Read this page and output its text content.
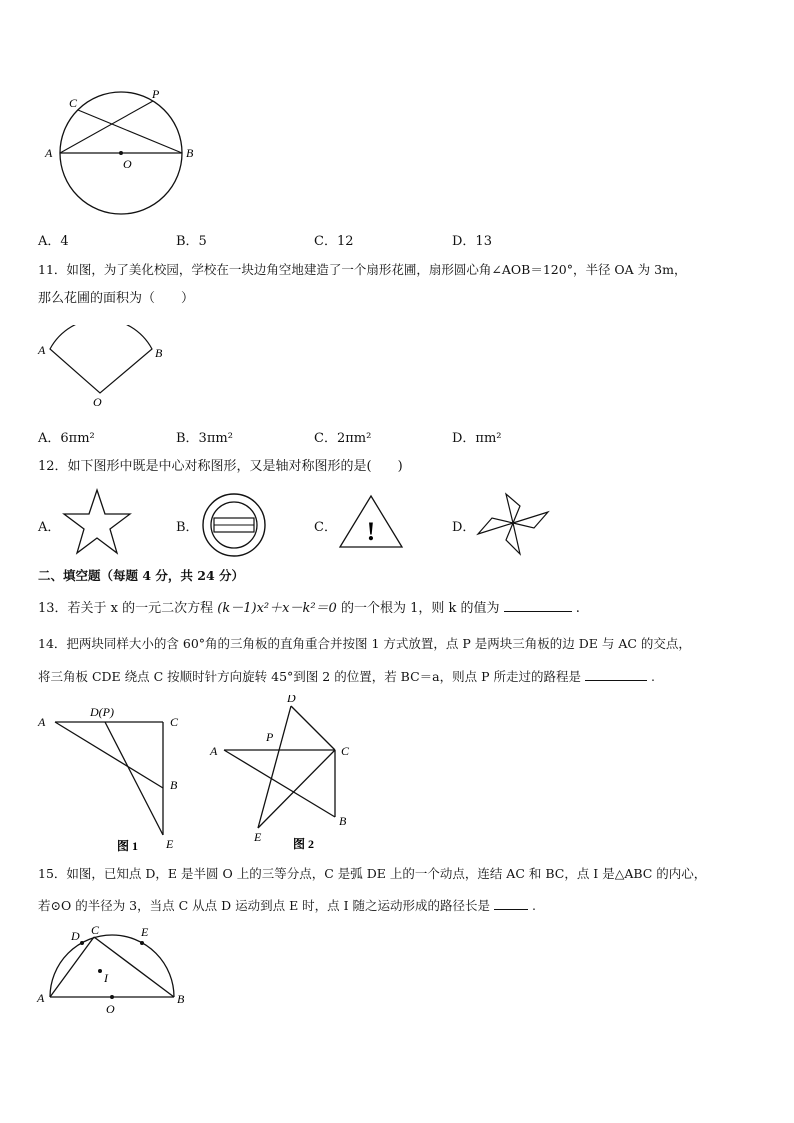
A	B
C
P
O
A．4	B．5	C．12	D．13
11．如图，为了美化校园，学校在一块边角空地建造了一个扇形花圃，扇形圆心角∠AOB＝120°，半径 OA 为 3m，
那么花圃的面积为（　　）
A	B
O
A．6πm²	B．3πm²	C．2πm²	D．πm²
12．如下图形中既是中心对称图形，又是轴对称图形的是(　　)
A．	B．	C． !	D．
二、填空题（每题 4 分，共 24 分）
13．若关于 x 的一元二次方程 (k－1)x²＋x－k²＝0 的一个根为 1，则 k 的值为	.
14．把两块同样大小的含 60°角的三角板的直角重合并按图 1 方式放置，点 P 是两块三角板的边 DE 与 AC 的交点，
将三角板 CDE 绕点 C 按顺时针方向旋转 45°到图 2 的位置，若 BC＝a，则点 P 所走过的路程是	.
A
D(P)
C
B
E
图 1
A
P
D
C
E
B
图 2
15．如图，已知点 D，E 是半圆 O 上的三等分点，C 是弧 DE 上的一个动点，连结 AC 和 BC，点 I 是△ABC 的内心，
若⊙O 的半径为 3，当点 C 从点 D 运动到点 E 时，点 I 随之运动形成的路径长是	.
A	B
C
D	E
I
O
